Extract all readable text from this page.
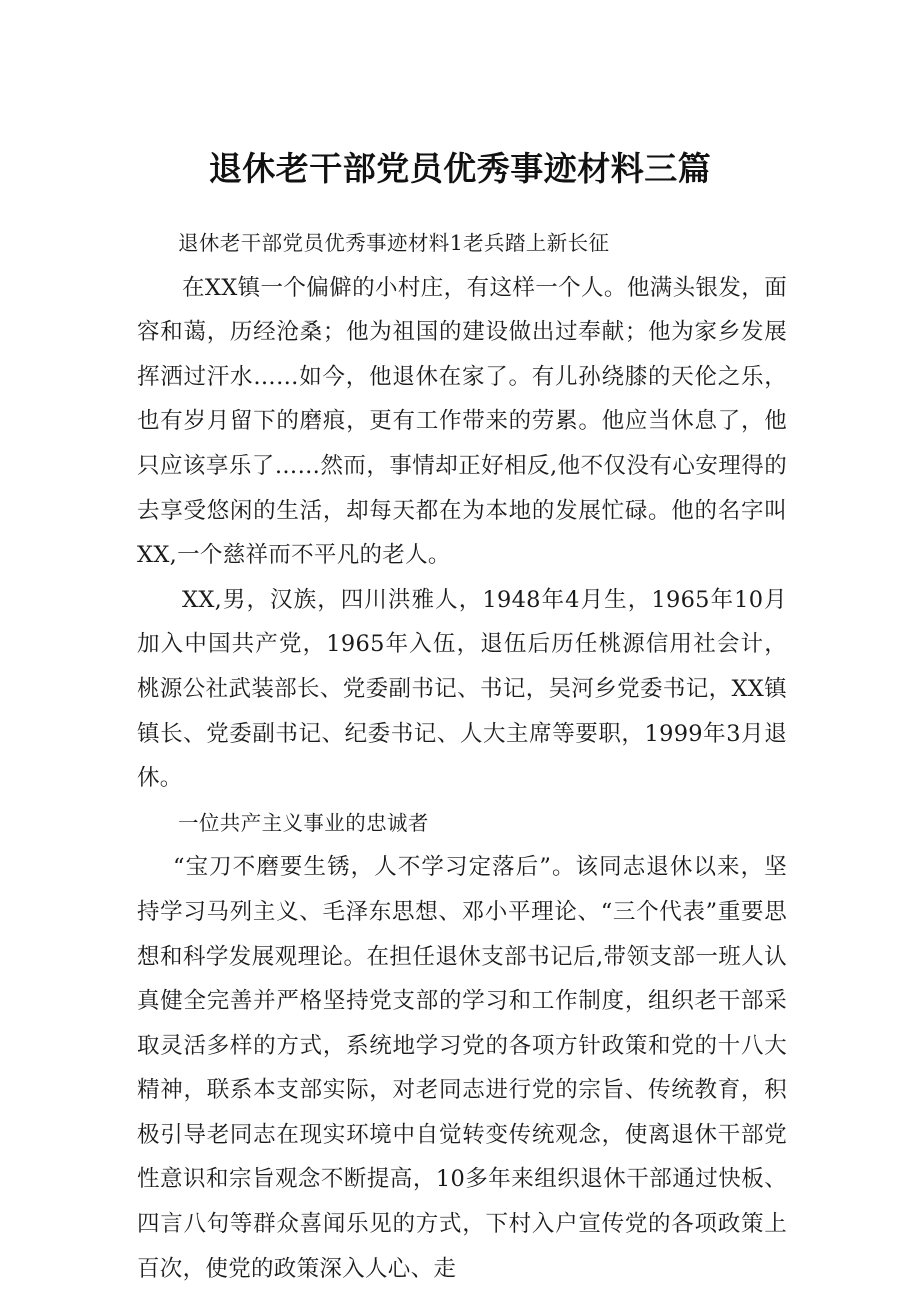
退休老干部党员优秀事迹材料三篇

退休老干部党员优秀事迹材料1老兵踏上新长征

在XX镇一个偏僻的小村庄，有这样一个人。他满头银发，面容和蔼，历经沧桑；他为祖国的建设做出过奉献；他为家乡发展挥洒过汗水……如今，他退休在家了。有儿孙绕膝的天伦之乐，也有岁月留下的磨痕，更有工作带来的劳累。他应当休息了，他只应该享乐了……然而，事情却正好相反,他不仅没有心安理得的去享受悠闲的生活，却每天都在为本地的发展忙碌。他的名字叫XX,一个慈祥而不平凡的老人。

XX,男，汉族，四川洪雅人，1948年4月生，1965年10月加入中国共产党，1965年入伍，退伍后历任桃源信用社会计，桃源公社武装部长、党委副书记、书记，吴河乡党委书记，XX镇镇长、党委副书记、纪委书记、人大主席等要职，1999年3月退休。

一位共产主义事业的忠诚者

“宝刀不磨要生锈，人不学习定落后”。该同志退休以来，坚持学习马列主义、毛泽东思想、邓小平理论、“三个代表”重要思想和科学发展观理论。在担任退休支部书记后,带领支部一班人认真健全完善并严格坚持党支部的学习和工作制度，组织老干部采取灵活多样的方式，系统地学习党的各项方针政策和党的十八大精神，联系本支部实际，对老同志进行党的宗旨、传统教育，积极引导老同志在现实环境中自觉转变传统观念，使离退休干部党性意识和宗旨观念不断提高，10多年来组织退休干部通过快板、四言八句等群众喜闻乐见的方式，下村入户宣传党的各项政策上百次，使党的政策深入人心、走
